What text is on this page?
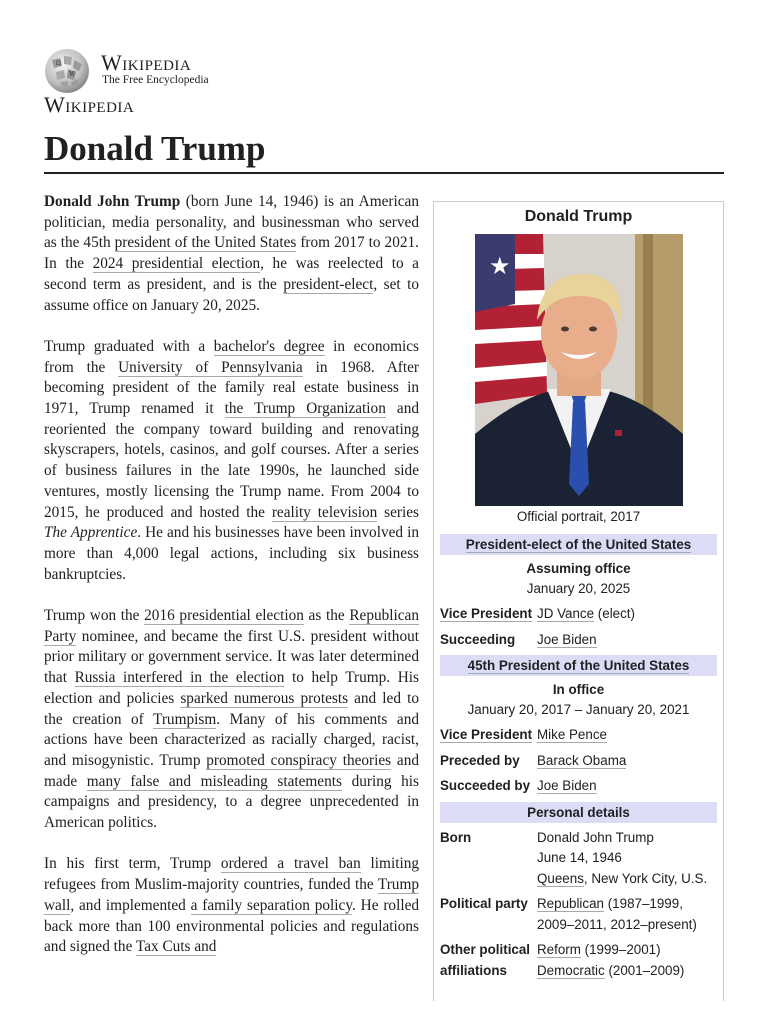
Ω
W Wikipedia
The Free Encyclopedia
Wikipedia
Donald Trump

Donald John Trump (born June 14, 1946) is an American politician, media personality, and businessman who served as the 45th president of the United States from 2017 to 2021. In the 2024 presidential election, he was reelected to a second term as president, and is the president-elect, set to assume office on January 20, 2025.

Trump graduated with a bachelor's degree in economics from the University of Pennsylvania in 1968. After becoming president of the family real estate business in 1971, Trump renamed it the Trump Organization and reoriented the company toward building and renovating skyscrapers, hotels, casinos, and golf courses. After a series of business failures in the late 1990s, he launched side ventures, mostly licensing the Trump name. From 2004 to 2015, he produced and hosted the reality television series The Apprentice. He and his businesses have been involved in more than 4,000 legal actions, including six business bankruptcies.

Trump won the 2016 presidential election as the Republican Party nominee, and became the first U.S. president without prior military or government service. It was later determined that Russia interfered in the election to help Trump. His election and policies sparked numerous protests and led to the creation of Trumpism. Many of his comments and actions have been characterized as racially charged, racist, and misogynistic. Trump promoted conspiracy theories and made many false and misleading statements during his campaigns and presidency, to a degree unprecedented in American politics.

In his first term, Trump ordered a travel ban limiting refugees from Muslim-majority countries, funded the Trump wall, and implemented a family separation policy. He rolled back more than 100 environmental policies and regulations and signed the Tax Cuts and

Donald Trump
★
Official portrait, 2017
President-elect of the United States
Assuming office
January 20, 2025
Vice President JD Vance (elect)
Succeeding	Joe Biden
45th President of the United States
In office
January 20, 2017 – January 20, 2021
Vice President Mike Pence
Preceded by	Barack Obama
Succeeded by Joe Biden
Personal details
Born	Donald John Trump
June 14, 1946
Queens, New York City, U.S.
Political party Republican (1987–1999,
2009–2011, 2012–present)
Other political
affiliations
Reform (1999–2001)
Democratic (2001–2009)
